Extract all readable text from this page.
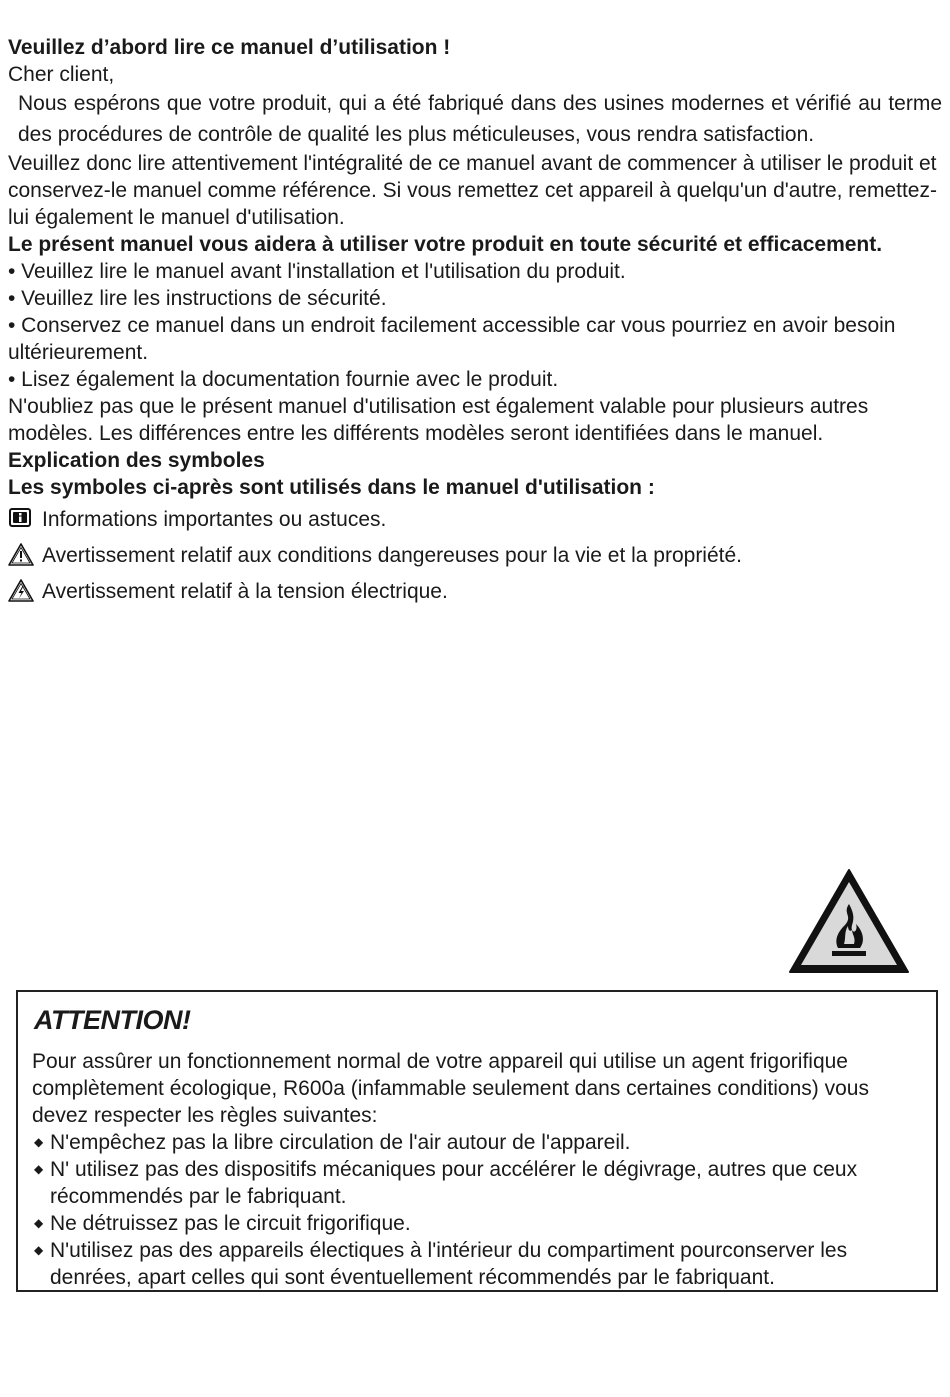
Veuillez d’abord lire ce manuel d’utilisation !
Cher client,
Nous espérons que votre produit, qui a été fabriqué dans des usines modernes et vérifié au terme des procédures de contrôle de qualité les plus méticuleuses, vous rendra satisfaction.
Veuillez donc lire attentivement l'intégralité de ce manuel avant de commencer à utiliser le produit et conservez-le manuel comme référence. Si vous remettez cet appareil à quelqu'un d'autre, remettez-lui également le manuel d'utilisation.
Le présent manuel vous aidera à utiliser votre produit en toute sécurité et efficacement.
• Veuillez lire le manuel avant l'installation et l'utilisation du produit.
• Veuillez lire les instructions de sécurité.
• Conservez ce manuel dans un endroit facilement accessible car vous pourriez en avoir besoin ultérieurement.
• Lisez également la documentation fournie avec le produit.
N'oubliez pas que le présent manuel d'utilisation est également valable pour plusieurs autres modèles. Les différences entre les différents modèles seront identifiées dans le manuel.
Explication des symboles
Les symboles ci-après sont utilisés dans le manuel d'utilisation :
Informations importantes ou astuces.
Avertissement relatif aux conditions dangereuses pour la vie et la propriété.
Avertissement relatif à la tension électrique.
ATTENTION!
Pour assûrer un fonctionnement normal de votre appareil qui utilise un agent frigorifique complètement écologique, R600a (infammable seulement dans certaines conditions) vous devez respecter les règles suivantes:
◆ N'empêchez pas la libre circulation de l'air autour de l'appareil.
◆ N' utilisez pas des dispositifs mécaniques pour accélérer le dégivrage, autres que ceux récommendés par le fabriquant.
◆ Ne détruissez pas le circuit frigorifique.
◆ N'utilisez pas des appareils électiques à l'intérieur du compartiment pourconserver les denrées, apart celles qui sont éventuellement récommendés par le fabriquant.
